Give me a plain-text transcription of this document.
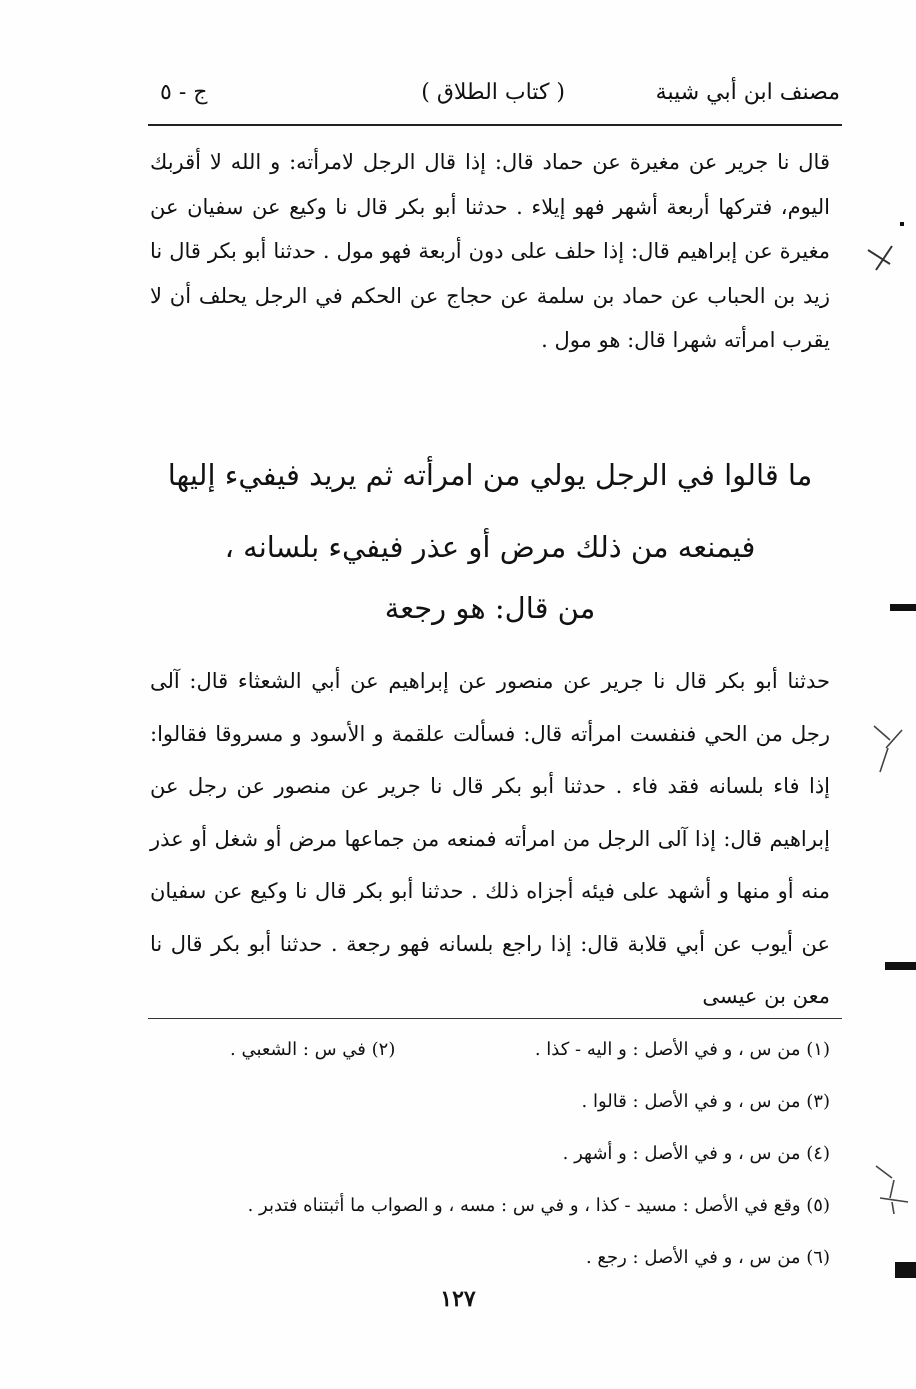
مصنف ابن أبي شيبة
( كتاب الطلاق )
ج - ٥
قال نا جرير عن مغيرة عن حماد قال: إذا قال الرجل لامرأته: و الله لا أقربك اليوم، فتركها أربعة أشهر فهو إيلاء . حدثنا أبو بكر قال نا وكيع عن سفيان عن مغيرة عن إبراهيم قال: إذا حلف على دون أربعة فهو مول . حدثنا أبو بكر قال نا زيد بن الحباب عن حماد بن سلمة عن حجاج عن الحكم في الرجل يحلف أن لا يقرب امرأته شهرا قال: هو مول .
ما قالوا في الرجل يولي من امرأته ثم يريد فيفيء إليها
فيمنعه من ذلك مرض أو عذر فيفيء بلسانه ،
من قال: هو رجعة
حدثنا أبو بكر قال نا جرير عن منصور عن إبراهيم عن أبي الشعثاء قال: آلى رجل من الحي فنفست امرأته قال: فسألت علقمة و الأسود و مسروقا فقالوا: إذا فاء بلسانه فقد فاء . حدثنا أبو بكر قال نا جرير عن منصور عن رجل عن إبراهيم قال: إذا آلى الرجل من امرأته فمنعه من جماعها مرض أو شغل أو عذر منه أو منها و أشهد على فيئه أجزاه ذلك . حدثنا أبو بكر قال نا وكيع عن سفيان عن أيوب عن أبي قلابة قال: إذا راجع بلسانه فهو رجعة . حدثنا أبو بكر قال نا معن بن عيسى
(١) من س ، و في الأصل : و اليه - كذا .
(٢) في س : الشعبي .
(٣) من س ، و في الأصل : قالوا .
(٤) من س ، و في الأصل : و أشهر .
(٥) وقع في الأصل : مسيد - كذا ، و في س : مسه ، و الصواب ما أثبتناه فتدبر .
(٦) من س ، و في الأصل : رجع .
١٢٧
